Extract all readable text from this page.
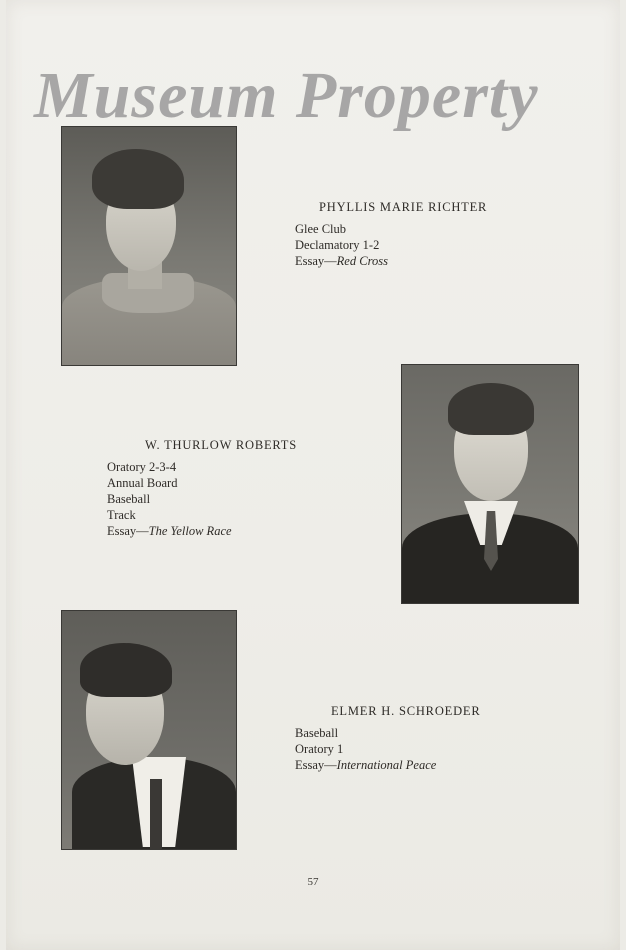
Museum Property
PHYLLIS MARIE RICHTER
Glee Club
Declamatory 1-2
Essay—Red Cross
W. THURLOW ROBERTS
Oratory 2-3-4
Annual Board
Baseball
Track
Essay—The Yellow Race
ELMER H. SCHROEDER
Baseball
Oratory 1
Essay—International Peace
57
